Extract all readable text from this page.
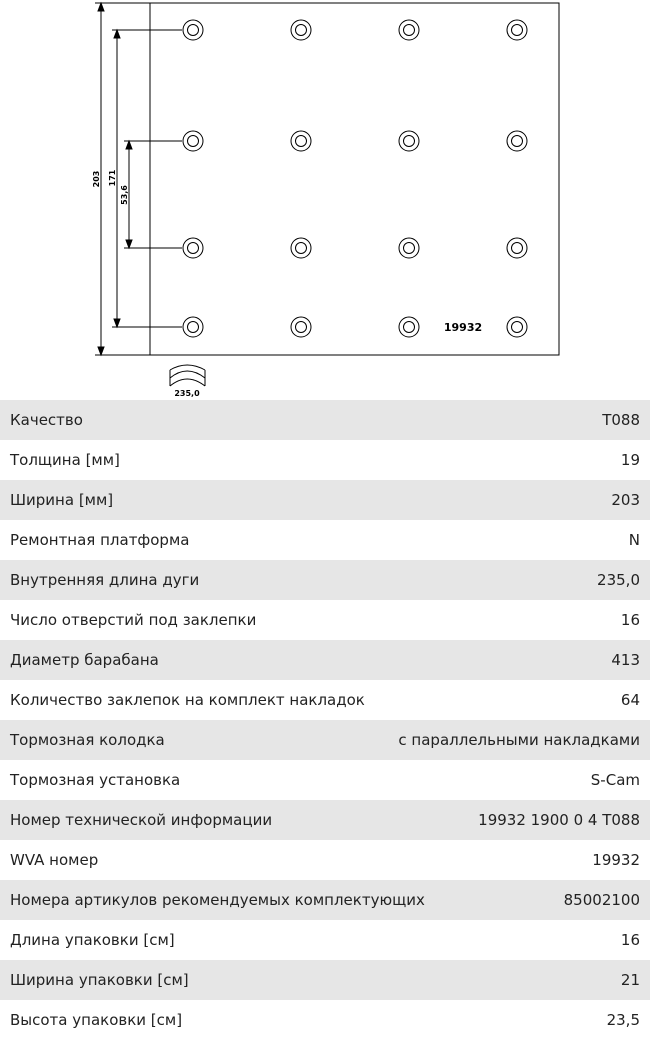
203 171
53,6
19932
235,0
Качество	T088
Толщина [мм]	19
Ширина [мм]	203
Ремонтная платформа	N
Внутренняя длина дуги	235,0
Число отверстий под заклепки	16
Диаметр барабана	413
Количество заклепок на комплект накладок	64
Тормозная колодка	с параллельными накладками
Тормозная установка	S-Cam
Номер технической информации	19932 1900 0 4 T088
WVA номер	19932
Номера артикулов рекомендуемых комплектующих	85002100
Длина упаковки [см]	16
Ширина упаковки [см]	21
Высота упаковки [см]	23,5
